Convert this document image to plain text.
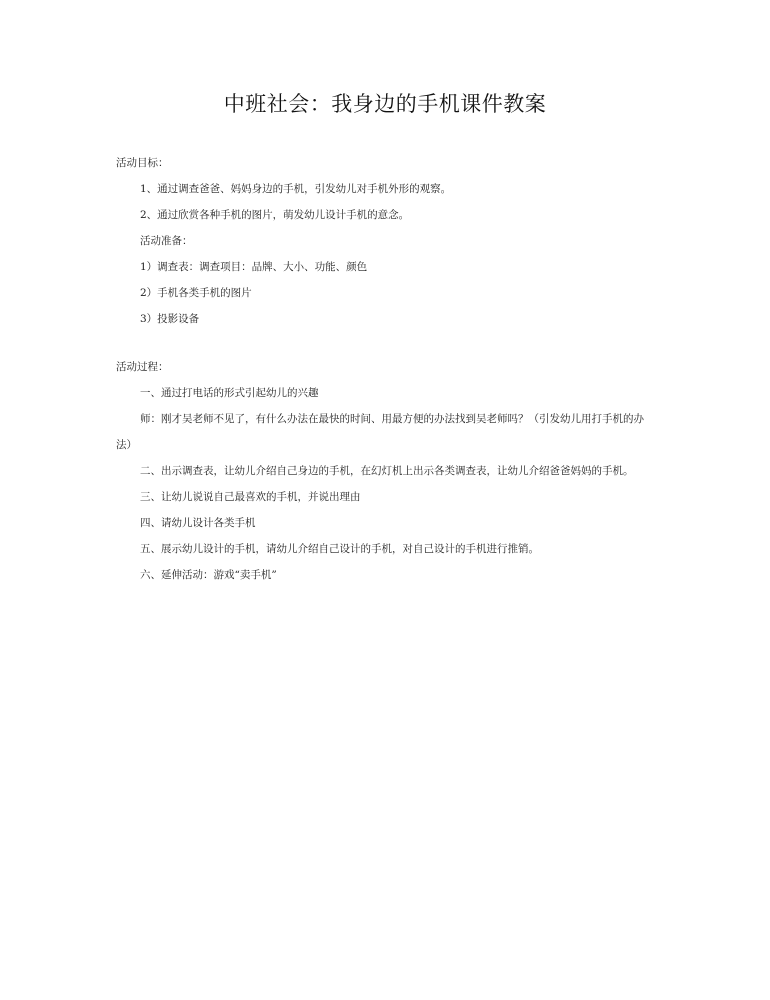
中班社会：我身边的手机课件教案
活动目标：
1、通过调查爸爸、妈妈身边的手机，引发幼儿对手机外形的观察。
2、通过欣赏各种手机的图片，萌发幼儿设计手机的意念。
活动准备：
1）调查表：调查项目：品牌、大小、功能、颜色
2）手机各类手机的图片
3）投影设备
活动过程：
一、通过打电话的形式引起幼儿的兴趣
师：刚才吴老师不见了，有什么办法在最快的时间、用最方便的办法找到吴老师吗？（引发幼儿用打手机的办法）
二、出示调查表，让幼儿介绍自己身边的手机，在幻灯机上出示各类调查表，让幼儿介绍爸爸妈妈的手机。
三、让幼儿说说自己最喜欢的手机，并说出理由
四、请幼儿设计各类手机
五、展示幼儿设计的手机，请幼儿介绍自己设计的手机，对自己设计的手机进行推销。
六、延伸活动：游戏“卖手机”
